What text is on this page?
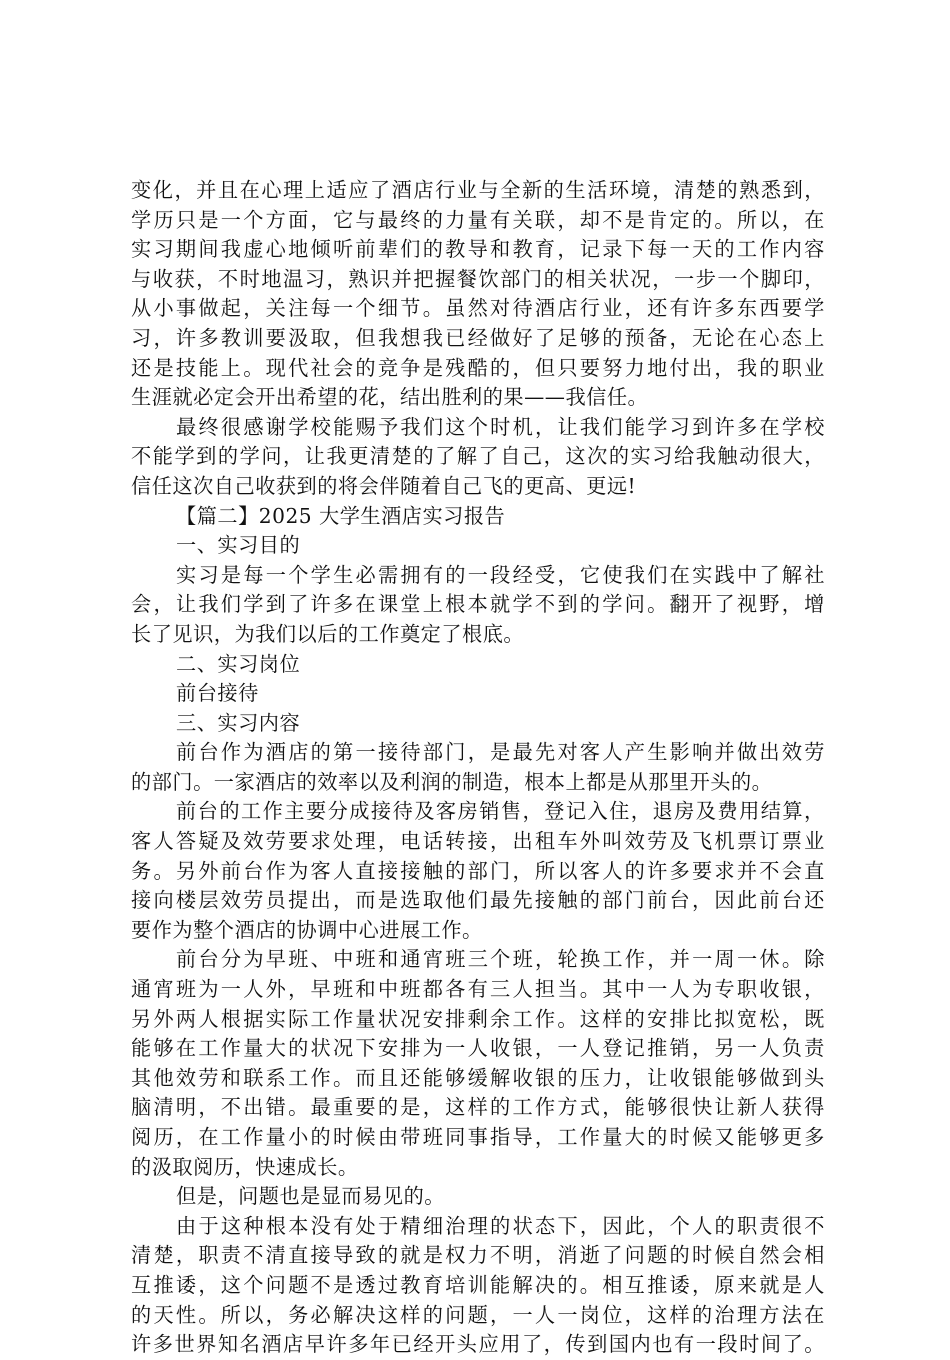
变 化 ， 并 且 在 心 理 上 适 应 了 酒 店 行 业 与 全 新 的 生 活 环 境 ， 清 楚 的 熟 悉 到 ，
学 历 只 是 一 个 方 面 ， 它 与 最 终 的 力 量 有 关 联 ， 却 不 是 肯 定 的 。 所 以 ， 在
实 习 期 间 我 虚 心 地 倾 听 前 辈 们 的 教 导 和 教 育 ， 记 录 下 每 一 天 的 工 作 内 容
与 收 获 ， 不 时 地 温 习 ， 熟 识 并 把 握 餐 饮 部 门 的 相 关 状 况 ， 一 步 一 个 脚 印 ，
从 小 事 做 起 ， 关 注 每 一 个 细 节 。 虽 然 对 待 酒 店 行 业 ， 还 有 许 多 东 西 要 学
习 ， 许 多 教 训 要 汲 取 ， 但 我 想 我 已 经 做 好 了 足 够 的 预 备 ， 无 论 在 心 态 上
还 是 技 能 上 。 现 代 社 会 的 竞 争 是 残 酷 的 ， 但 只 要 努 力 地 付 出 ， 我 的 职 业
生涯就必定会开出希望的花，结出胜利的果——我信任。
最 终 很 感 谢 学 校 能 赐 予 我 们 这 个 时 机 ， 让 我 们 能 学 习 到 许 多 在 学 校
不 能 学 到 的 学 问 ， 让 我 更 清 楚 的 了 解 了 自 己 ， 这 次 的 实 习 给 我 触 动 很 大 ，
信任这次自己收获到的将会伴随着自己飞的更高、更远!
【篇二】2025 大学生酒店实习报告
一、实习目的
实 习 是 每 一 个 学 生 必 需 拥 有 的 一 段 经 受 ， 它 使 我 们 在 实 践 中 了 解 社
会 ， 让 我 们 学 到 了 许 多 在 课 堂 上 根 本 就 学 不 到 的 学 问 。 翻 开 了 视 野 ， 增
长了见识，为我们以后的工作奠定了根底。
二、实习岗位
前台接待
三、实习内容
前 台 作 为 酒 店 的 第 一 接 待 部 门 ， 是 最 先 对 客 人 产 生 影 响 并 做 出 效 劳
的部门。一家酒店的效率以及利润的制造，根本上都是从那里开头的。
前 台 的 工 作 主 要 分 成 接 待 及 客 房 销 售 ， 登 记 入 住 ， 退 房 及 费 用 结 算 ，
客 人 答 疑 及 效 劳 要 求 处 理 ， 电 话 转 接 ， 出 租 车 外 叫 效 劳 及 飞 机 票 订 票 业
务 。 另 外 前 台 作 为 客 人 直 接 接 触 的 部 门 ， 所 以 客 人 的 许 多 要 求 并 不 会 直
接 向 楼 层 效 劳 员 提 出 ， 而 是 选 取 他 们 最 先 接 触 的 部 门 前 台 ， 因 此 前 台 还
要作为整个酒店的协调中心进展工作。
前 台 分 为 早 班 、 中 班 和 通 宵 班 三 个 班 ， 轮 换 工 作 ， 并 一 周 一 休 。 除
通 宵 班 为 一 人 外 ， 早 班 和 中 班 都 各 有 三 人 担 当 。 其 中 一 人 为 专 职 收 银 ，
另 外 两 人 根 据 实 际 工 作 量 状 况 安 排 剩 余 工 作 。 这 样 的 安 排 比 拟 宽 松 ， 既
能 够 在 工 作 量 大 的 状 况 下 安 排 为 一 人 收 银 ， 一 人 登 记 推 销 ， 另 一 人 负 责
其 他 效 劳 和 联 系 工 作 。 而 且 还 能 够 缓 解 收 银 的 压 力 ， 让 收 银 能 够 做 到 头
脑 清 明 ， 不 出 错 。 最 重 要 的 是 ， 这 样 的 工 作 方 式 ， 能 够 很 快 让 新 人 获 得
阅 历 ， 在 工 作 量 小 的 时 候 由 带 班 同 事 指 导 ， 工 作 量 大 的 时 候 又 能 够 更 多
的汲取阅历，快速成长。
但是，问题也是显而易见的。
由 于 这 种 根 本 没 有 处 于 精 细 治 理 的 状 态 下 ， 因 此 ， 个 人 的 职 责 很 不
清 楚 ， 职 责 不 清 直 接 导 致 的 就 是 权 力 不 明 ， 消 逝 了 问 题 的 时 候 自 然 会 相
互 推 诿 ， 这 个 问 题 不 是 透 过 教 育 培 训 能 解 决 的 。 相 互 推 诿 ， 原 来 就 是 人
的 天 性 。 所 以 ， 务 必 解 决 这 样 的 问 题 ， 一 人 一 岗 位 ， 这 样 的 治 理 方 法 在
许 多 世 界 知 名 酒 店 早 许 多 年 已 经 开 头 应 用 了 ， 传 到 国 内 也 有 一 段 时 间 了 。
